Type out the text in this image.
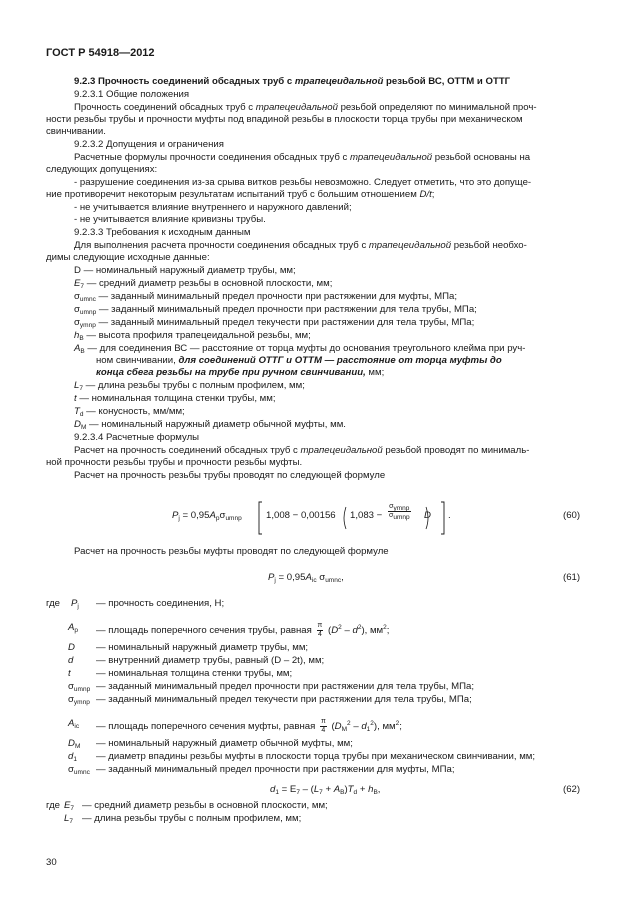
ГОСТ Р 54918—2012
9.2.3 Прочность соединений обсадных труб с трапецеидальной резьбой ВС, ОТТМ и ОТТГ
9.2.3.1 Общие положения
Прочность соединений обсадных труб с трапецеидальной резьбой определяют по минимальной проч-
ности резьбы трубы и прочности муфты под впадиной резьбы в плоскости торца трубы при механическом
свинчивании.
9.2.3.2 Допущения и ограничения
Расчетные формулы прочности соединения обсадных труб с трапецеидальной резьбой основаны на
следующих допущениях:
- разрушение соединения из-за срыва витков резьбы невозможно. Следует отметить, что это допуще-
ние противоречит некоторым результатам испытаний труб с большим отношением D/t;
- не учитывается влияние внутреннего и наружного давлений;
- не учитывается влияние кривизны трубы.
9.2.3.3 Требования к исходным данным
Для выполнения расчета прочности соединения обсадных труб с трапецеидальной резьбой необхо-
димы следующие исходные данные:
D — номинальный наружный диаметр трубы, мм;
$E_7$ — средний диаметр резьбы в основной плоскости, мм;
$\sigma_{umnc}$ — заданный минимальный предел прочности при растяжении для муфты, МПа;
$\sigma_{umnp}$ — заданный минимальный предел прочности при растяжении для тела трубы, МПа;
$\sigma_{ymnp}$ — заданный минимальный предел текучести при растяжении для тела трубы, МПа;
$h_B$ — высота профиля трапецеидальной резьбы, мм;
$A_B$ — для соединения ВС — расстояние от торца муфты до основания треугольного клейма при руч-
ном свинчивании, для соединений ОТТГ и ОТТМ — расстояние от торца муфты до
конца сбега резьбы на трубе при ручном свинчивании, мм;
$L_7$ — длина резьбы трубы с полным профилем, мм;
t — номинальная толщина стенки трубы, мм;
$T_d$ — конусность, мм/мм;
$D_M$ — номинальный наружный диаметр обычной муфты, мм.
9.2.3.4 Расчетные формулы
Расчет на прочность соединений обсадных труб с трапецеидальной резьбой проводят по минималь-
ной прочности резьбы трубы и прочности резьбы муфты.
Расчет на прочность резьбы трубы проводят по следующей формуле
$P_j = 0,95A_p\sigma_{umnp}$	1,008 − 0,00156 $1,083 - \frac{\sigma_{ymnp}}{\sigma_{umnp}}$ D .	(60)
Расчет на прочность резьбы муфты проводят по следующей формуле
$P_j = 0,95A_{ic}$ $\sigma_{umnc}$,	(61)
где $P_j$ — прочность соединения, Н;
$A_p$ — площадь поперечного сечения трубы, равная $\frac{\pi}{4} (D^2 - d^2)$, $мм^2$;
D — номинальный наружный диаметр трубы, мм;
d — внутренний диаметр трубы, равный (D – 2t), мм;
t	— номинальная толщина стенки трубы, мм;
$\sigma_{umnp}$ — заданный минимальный предел прочности при растяжении для тела трубы, МПа;
$\sigma_{ymnp}$ — заданный минимальный предел текучести при растяжении для тела трубы, МПа;
$A_{ic}$ — площадь поперечного сечения муфты, равная $\frac{\pi}{4} (D_M^2 - d_1^2)$, $мм^2$;
$D_M$ — номинальный наружный диаметр обычной муфты, мм;
$d_1$ — диаметр впадины резьбы муфты в плоскости торца трубы при механическом свинчивании, мм;
$\sigma_{umnc}$ — заданный минимальный предел прочности при растяжении для муфты, МПа;
$d_1 = E_7 - (L_7 + A_B)T_d + h_B$,	(62)
где $E_7$ — средний диаметр резьбы в основной плоскости, мм;
$L_7$ — длина резьбы трубы с полным профилем, мм;
30
